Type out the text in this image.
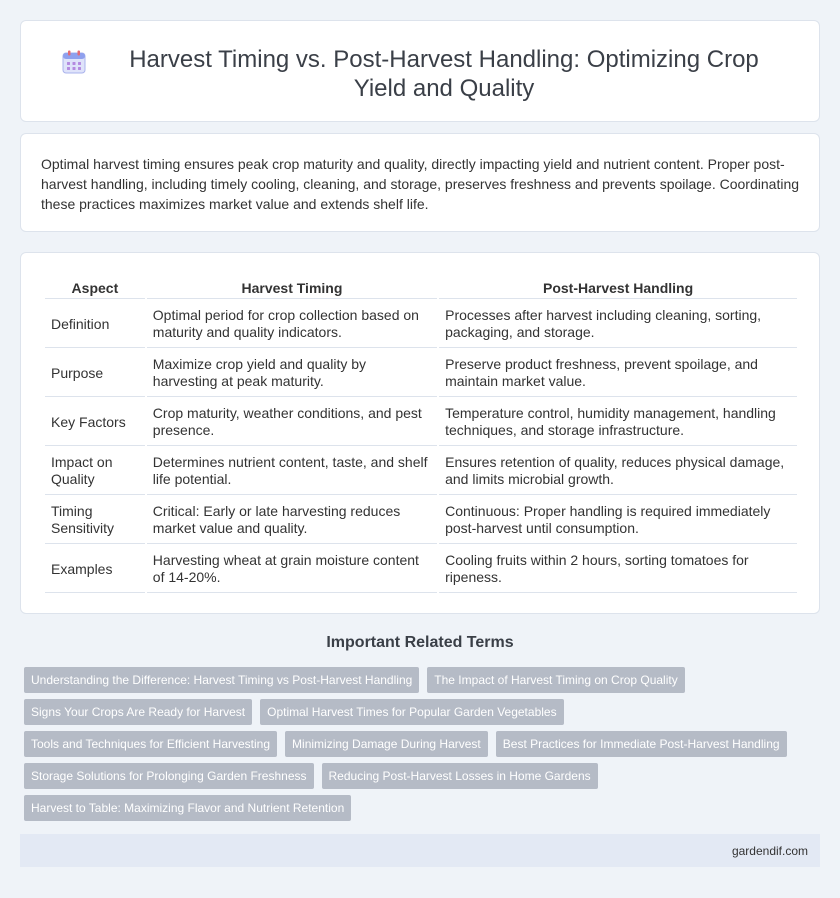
Harvest Timing vs. Post-Harvest Handling: Optimizing Crop Yield and Quality

Optimal harvest timing ensures peak crop maturity and quality, directly impacting yield and nutrient content. Proper post-harvest handling, including timely cooling, cleaning, and storage, preserves freshness and prevents spoilage. Coordinating these practices maximizes market value and extends shelf life.

Aspect	Harvest Timing	Post-Harvest Handling
Definition	Optimal period for crop collection based on maturity and quality indicators.	Processes after harvest including cleaning, sorting, packaging, and storage.
Purpose	Maximize crop yield and quality by harvesting at peak maturity.	Preserve product freshness, prevent spoilage, and maintain market value.
Key Factors	Crop maturity, weather conditions, and pest presence.	Temperature control, humidity management, handling techniques, and storage infrastructure.
Impact on Quality	Determines nutrient content, taste, and shelf life potential.	Ensures retention of quality, reduces physical damage, and limits microbial growth.
Timing Sensitivity	Critical: Early or late harvesting reduces market value and quality.	Continuous: Proper handling is required immediately post-harvest until consumption.
Examples	Harvesting wheat at grain moisture content of 14-20%.	Cooling fruits within 2 hours, sorting tomatoes for ripeness.
Important Related Terms
Understanding the Difference: Harvest Timing vs Post-Harvest Handling	The Impact of Harvest Timing on Crop Quality
Signs Your Crops Are Ready for Harvest	Optimal Harvest Times for Popular Garden Vegetables
Tools and Techniques for Efficient Harvesting	Minimizing Damage During Harvest	Best Practices for Immediate Post-Harvest Handling
Storage Solutions for Prolonging Garden Freshness	Reducing Post-Harvest Losses in Home Gardens
Harvest to Table: Maximizing Flavor and Nutrient Retention
gardendif.com
